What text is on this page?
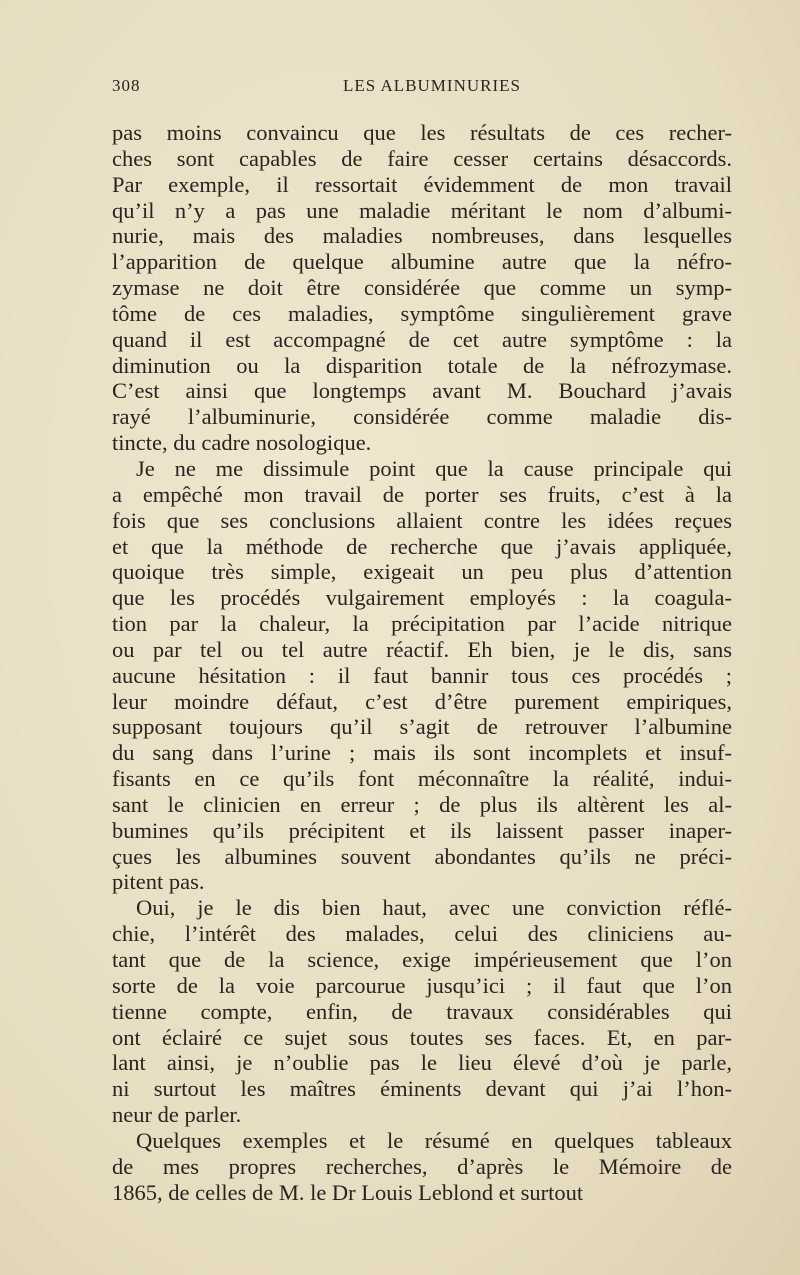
308	LES ALBUMINURIES
pas moins convaincu que les résultats de ces recher-
ches sont capables de faire cesser certains désaccords.
Par exemple, il ressortait évidemment de mon travail
qu’il n’y a pas une maladie méritant le nom d’albumi-
nurie, mais des maladies nombreuses, dans lesquelles
l’apparition de quelque albumine autre que la néfro-
zymase ne doit être considérée que comme un symp-
tôme de ces maladies, symptôme singulièrement grave
quand il est accompagné de cet autre symptôme : la
diminution ou la disparition totale de la néfrozymase.
C’est ainsi que longtemps avant M. Bouchard j’avais
rayé l’albuminurie, considérée comme maladie dis-
tincte, du cadre nosologique.
Je ne me dissimule point que la cause principale qui
a empêché mon travail de porter ses fruits, c’est à la
fois que ses conclusions allaient contre les idées reçues
et que la méthode de recherche que j’avais appliquée,
quoique très simple, exigeait un peu plus d’attention
que les procédés vulgairement employés : la coagula-
tion par la chaleur, la précipitation par l’acide nitrique
ou par tel ou tel autre réactif. Eh bien, je le dis, sans
aucune hésitation : il faut bannir tous ces procédés ;
leur moindre défaut, c’est d’être purement empiriques,
supposant toujours qu’il s’agit de retrouver l’albumine
du sang dans l’urine ; mais ils sont incomplets et insuf-
fisants en ce qu’ils font méconnaître la réalité, indui-
sant le clinicien en erreur ; de plus ils altèrent les al-
bumines qu’ils précipitent et ils laissent passer inaper-
çues les albumines souvent abondantes qu’ils ne préci-
pitent pas.
Oui, je le dis bien haut, avec une conviction réflé-
chie, l’intérêt des malades, celui des cliniciens au-
tant que de la science, exige impérieusement que l’on
sorte de la voie parcourue jusqu’ici ; il faut que l’on
tienne compte, enfin, de travaux considérables qui
ont éclairé ce sujet sous toutes ses faces. Et, en par-
lant ainsi, je n’oublie pas le lieu élevé d’où je parle,
ni surtout les maîtres éminents devant qui j’ai l’hon-
neur de parler.
Quelques exemples et le résumé en quelques tableaux
de mes propres recherches, d’après le Mémoire de
1865, de celles de M. le Dr Louis Leblond et surtout
